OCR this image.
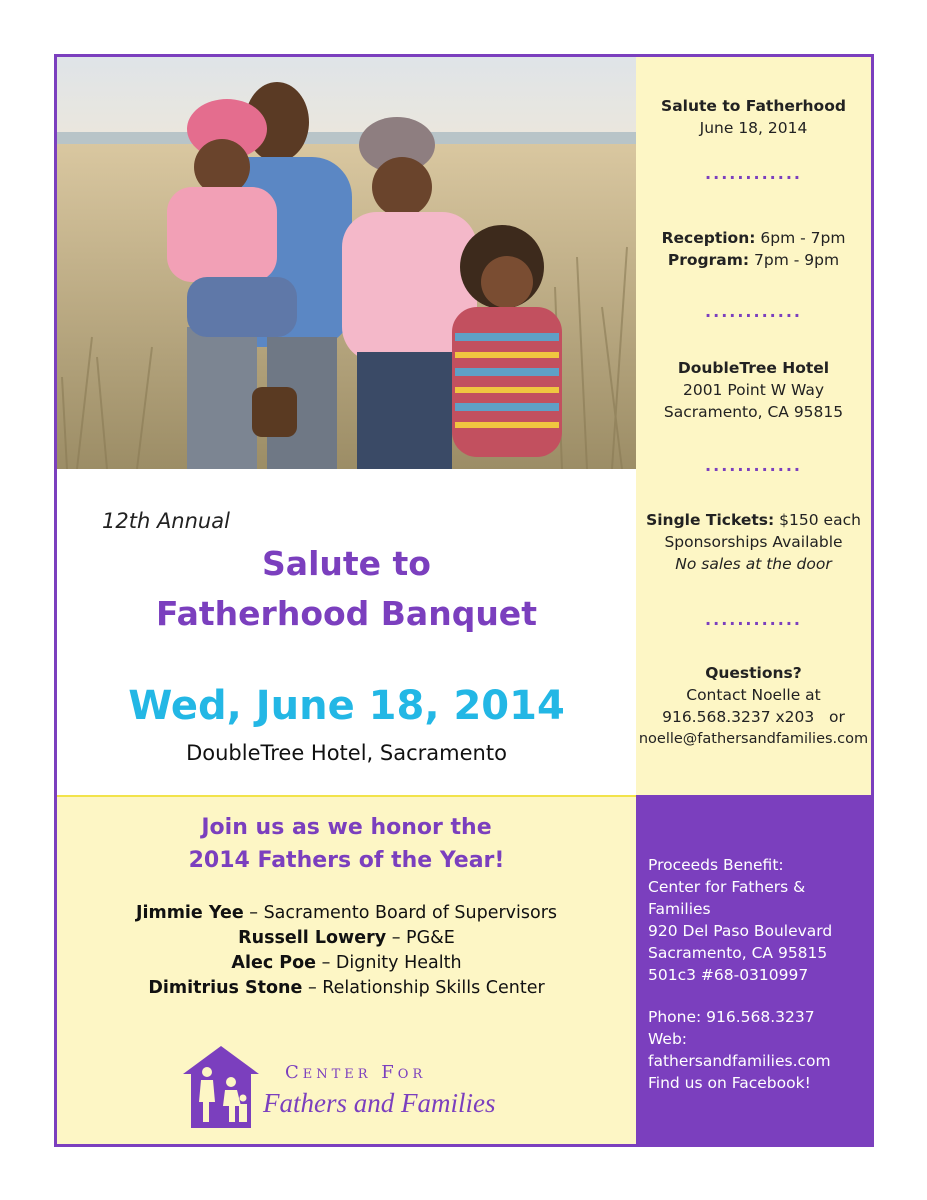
Salute to Fatherhood
June 18, 2014
............
Reception: 6pm - 7pm
Program: 7pm - 9pm
............
DoubleTree Hotel
2001 Point W Way
Sacramento, CA 95815
............
Single Tickets: $150 each
Sponsorships Available
No sales at the door
............
Questions?
Contact Noelle at
916.568.3237 x203   or
noelle@fathersandfamilies.com
12th Annual
Salute to
Fatherhood Banquet
Wed, June 18, 2014
DoubleTree Hotel, Sacramento
Join us as we honor the
2014 Fathers of the Year!
Jimmie Yee – Sacramento Board of Supervisors
Russell Lowery – PG&E
Alec Poe – Dignity Health
Dimitrius Stone – Relationship Skills Center
Center For
Fathers and Families
Proceeds Benefit:
Center for Fathers & Families
920 Del Paso Boulevard
Sacramento, CA 95815
501c3 #68-0310997
Phone: 916.568.3237
Web: fathersandfamilies.com
Find us on Facebook!
